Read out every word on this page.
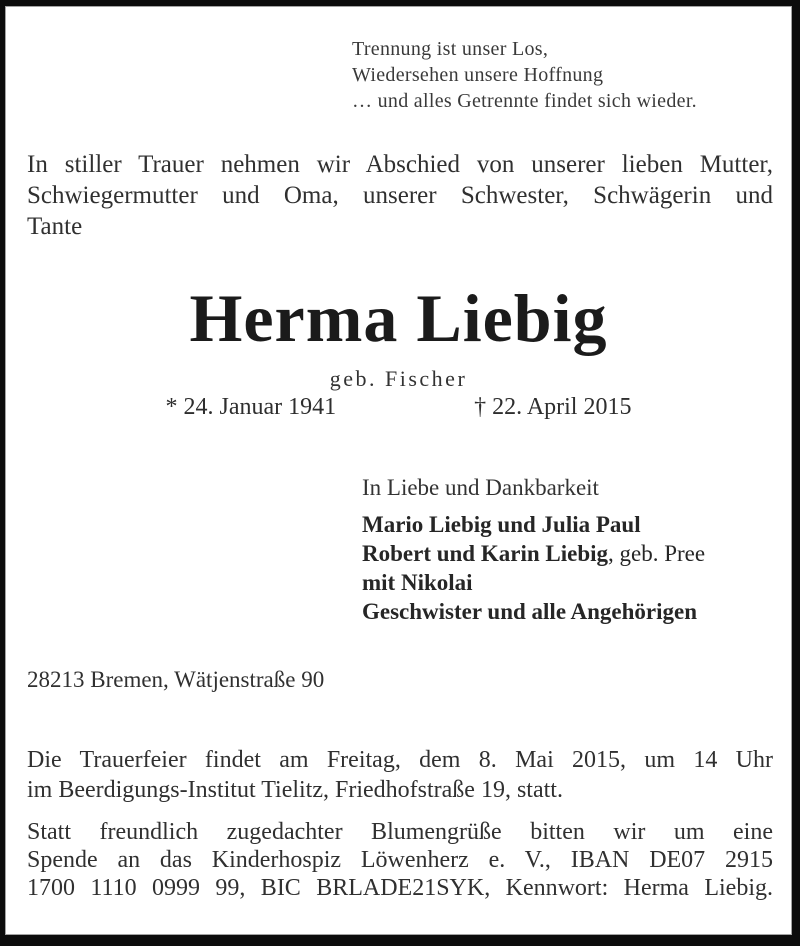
Trennung ist unser Los,
Wiedersehen unsere Hoffnung
… und alles Getrennte findet sich wieder.
In stiller Trauer nehmen wir Abschied von unserer lieben Mutter,
Schwiegermutter und Oma, unserer Schwester, Schwägerin und
Tante
Herma Liebig
geb. Fischer
* 24. Januar 1941	† 22. April 2015
In Liebe und Dankbarkeit
Mario Liebig und Julia Paul
Robert und Karin Liebig, geb. Pree
mit Nikolai
Geschwister und alle Angehörigen
28213 Bremen, Wätjenstraße 90
Die Trauerfeier findet am Freitag, dem 8. Mai 2015, um 14 Uhr
im Beerdigungs-Institut Tielitz, Friedhofstraße 19, statt.
Statt freundlich zugedachter Blumengrüße bitten wir um eine
Spende an das Kinderhospiz Löwenherz e. V., IBAN DE07 2915
1700 1110 0999 99, BIC BRLADE21SYK, Kennwort: Herma Liebig.
